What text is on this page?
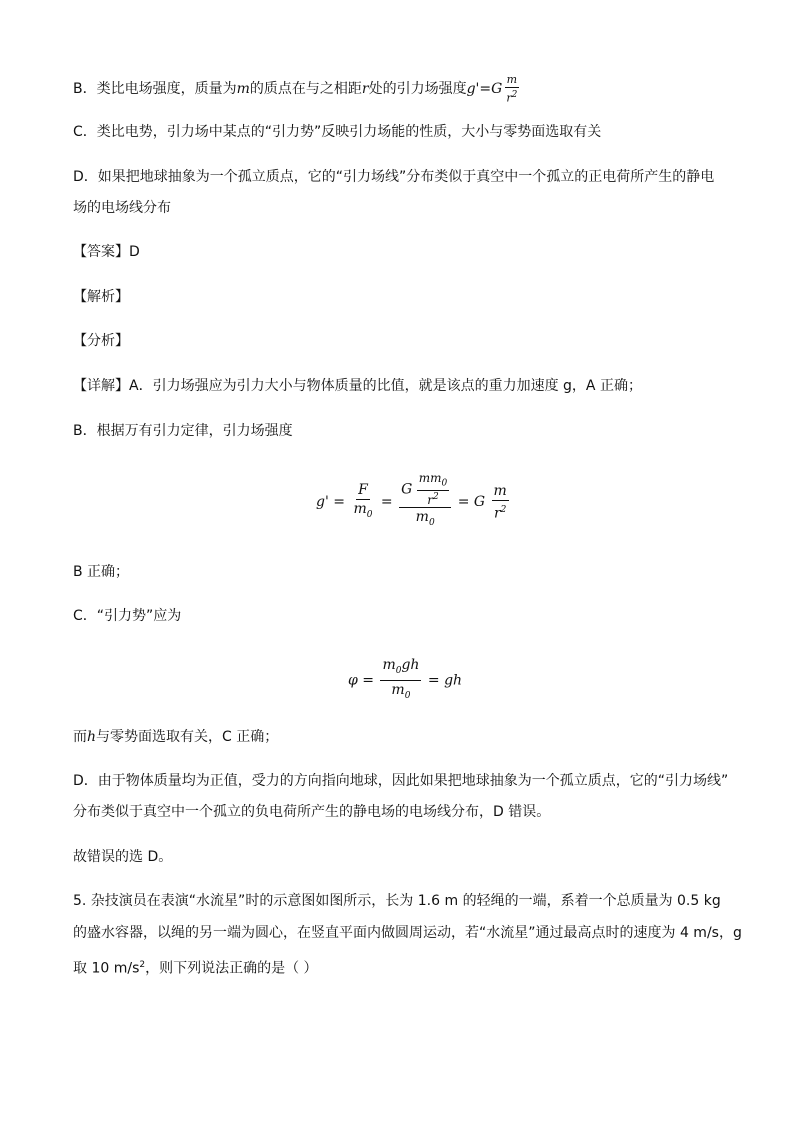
B．类比电场强度，质量为m的质点在与之相距r处的引力场强度$g'=G \frac{m}{r^2}$
C．类比电势，引力场中某点的“引力势”反映引力场能的性质，大小与零势面选取有关
D．如果把地球抽象为一个孤立质点，它的“引力场线”分布类似于真空中一个孤立的正电荷所产生的静电
场的电场线分布
【答案】D
【解析】
【分析】
【详解】A．引力场强应为引力大小与物体质量的比值，就是该点的重力加速度 g，A 正确；
B．根据万有引力定律，引力场强度
$g' = \frac{F}{m_0} = \frac{G \frac{mm_0}{r^2}}{m_0} = G \frac{m}{r^2}$
B 正确；
C．“引力势”应为
$\varphi = \frac{m_0gh}{m_0}$ = gh
而h与零势面选取有关，C 正确；
D．由于物体质量均为正值，受力的方向指向地球，因此如果把地球抽象为一个孤立质点，它的“引力场线”
分布类似于真空中一个孤立的负电荷所产生的静电场的电场线分布，D 错误。
故错误的选 D。
5. 杂技演员在表演“水流星”时的示意图如图所示，长为 1.6 m 的轻绳的一端，系着一个总质量为 0.5 kg
的盛水容器，以绳的另一端为圆心，在竖直平面内做圆周运动，若“水流星”通过最高点时的速度为 4 m/s，g
取 10 $m/s^2$，则下列说法正确的是（ ）
